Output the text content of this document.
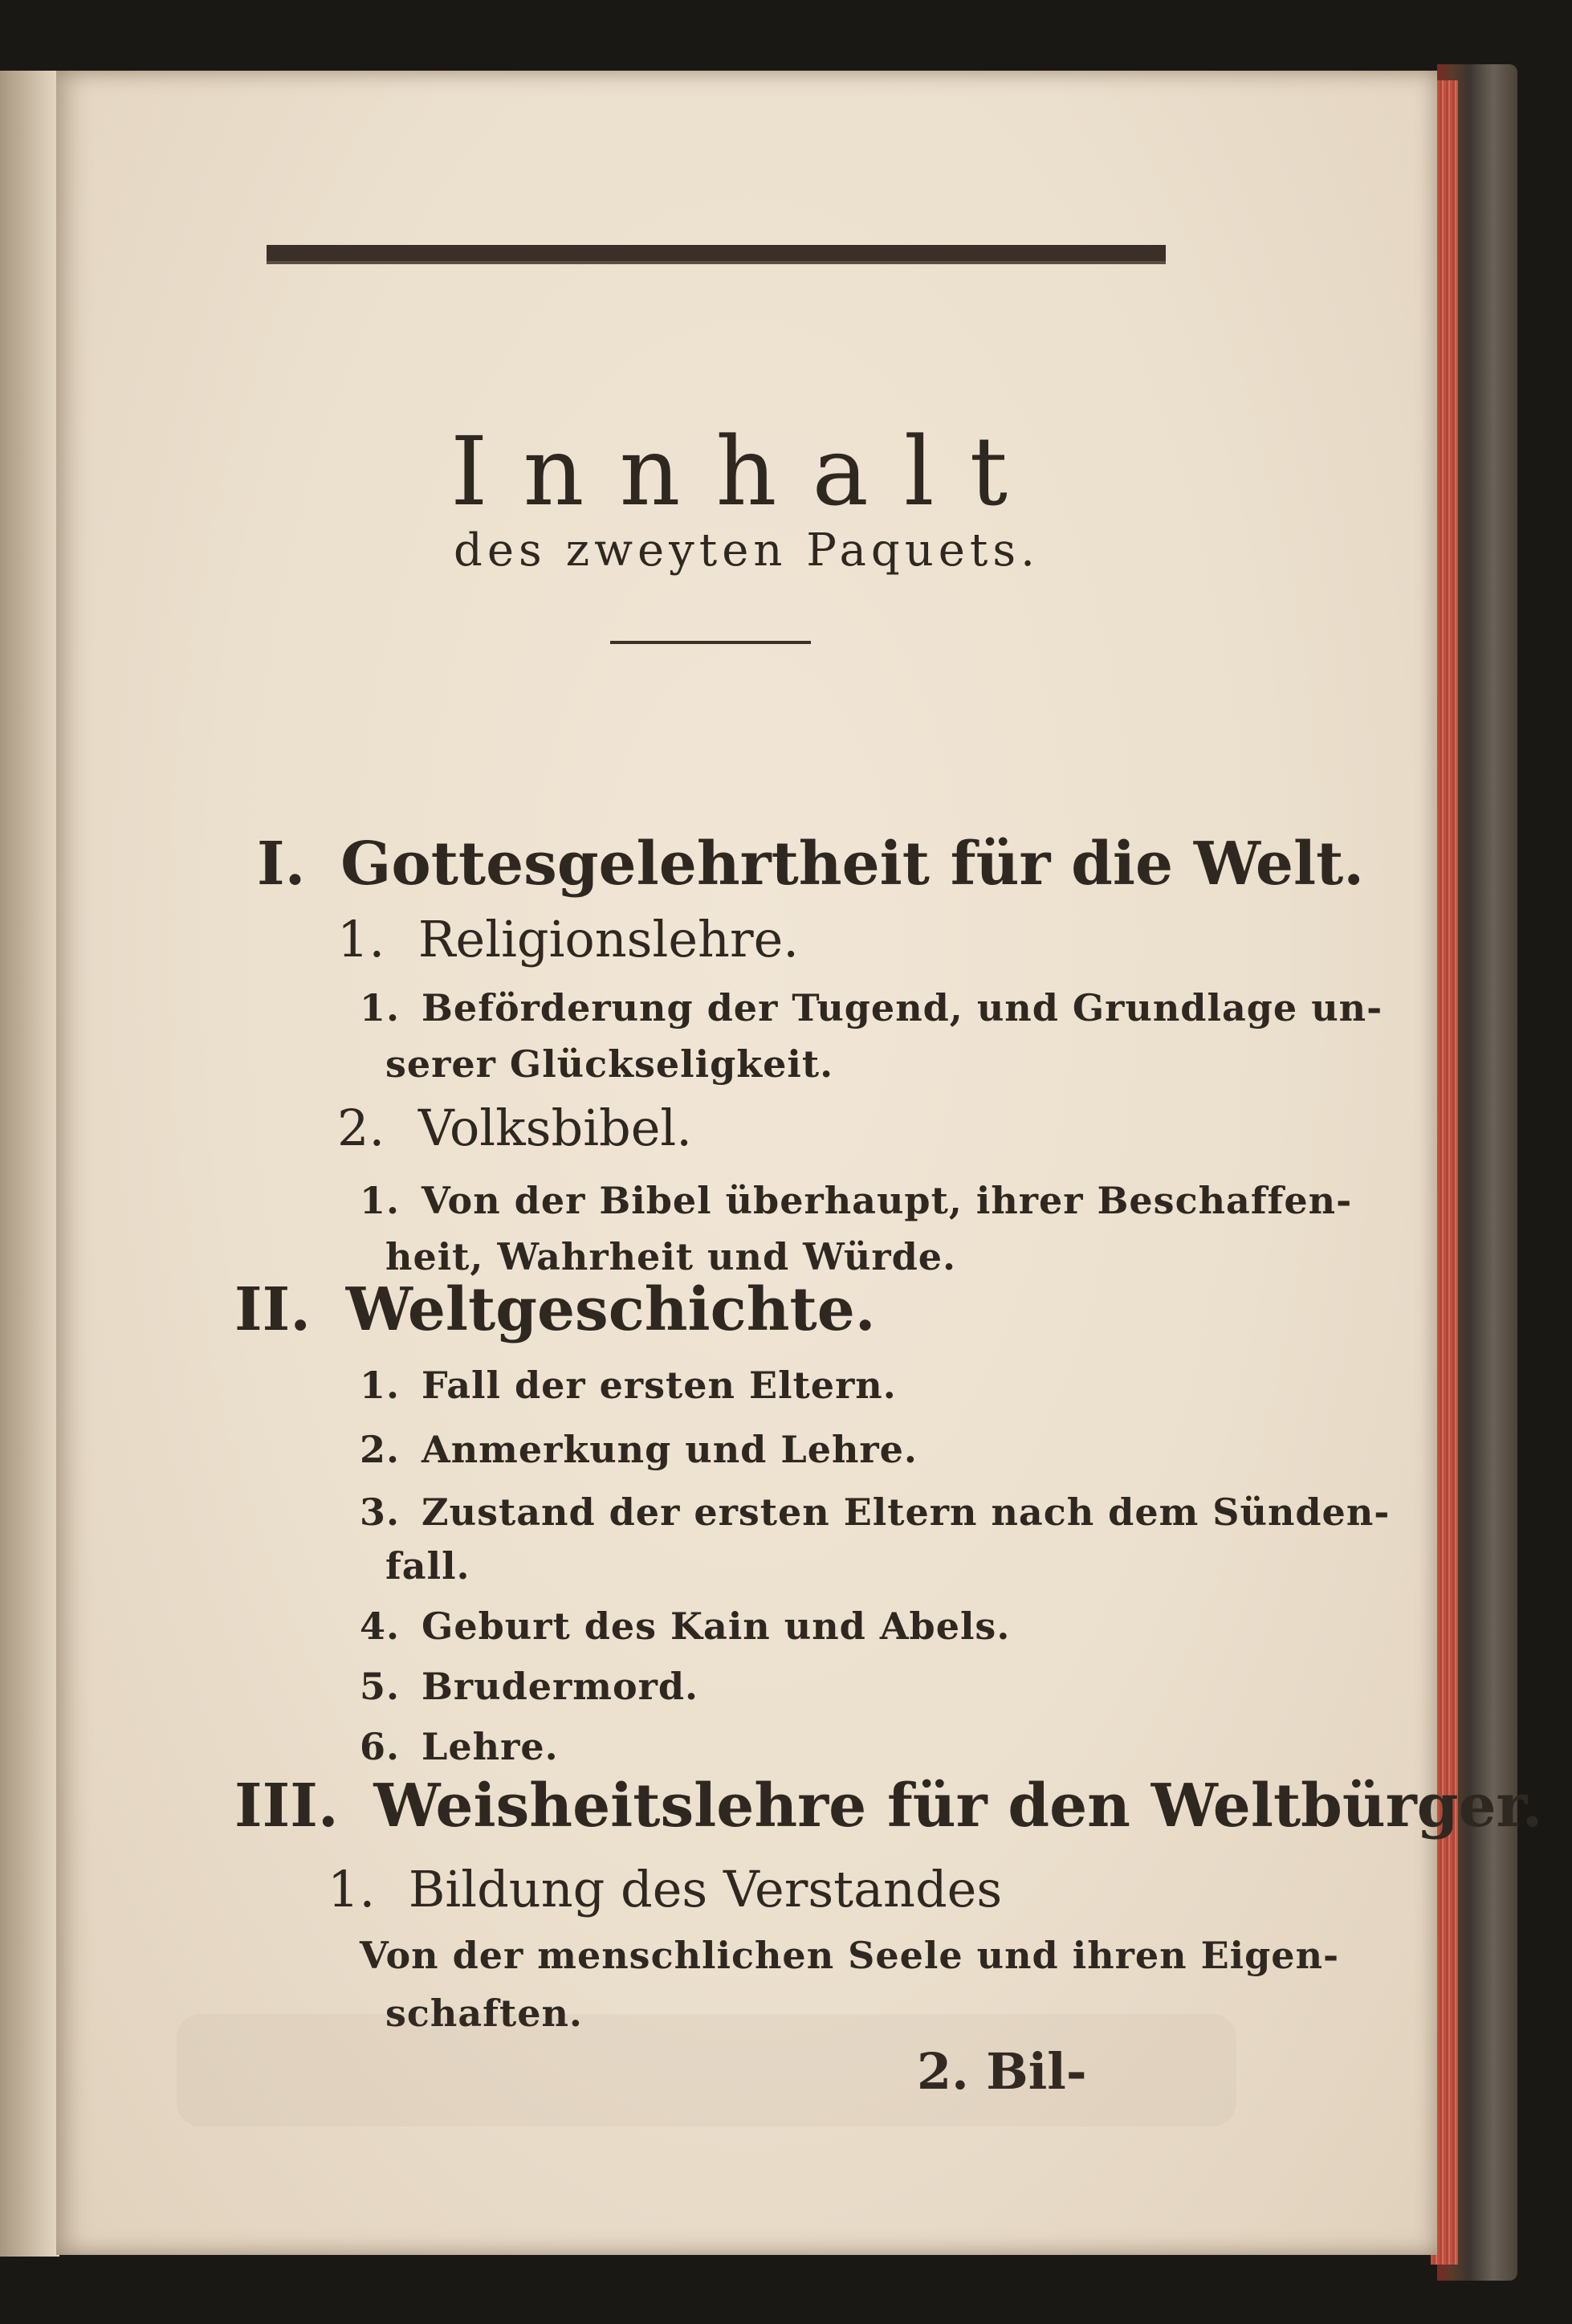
Innhalt
des zweyten Paquets.
I. Gottesgelehrtheit für die Welt.
1. Religionslehre.
1. Beförderung der Tugend, und Grundlage un-
serer Glückseligkeit.
2. Volksbibel.
1. Von der Bibel überhaupt, ihrer Beschaffen-
heit, Wahrheit und Würde.
II. Weltgeschichte.
1. Fall der ersten Eltern.
2. Anmerkung und Lehre.
3. Zustand der ersten Eltern nach dem Sünden-
fall.
4. Geburt des Kain und Abels.
5. Brudermord.
6. Lehre.
III. Weisheitslehre für den Weltbürger.
1. Bildung des Verstandes
Von der menschlichen Seele und ihren Eigen-
schaften.
2. Bil-
